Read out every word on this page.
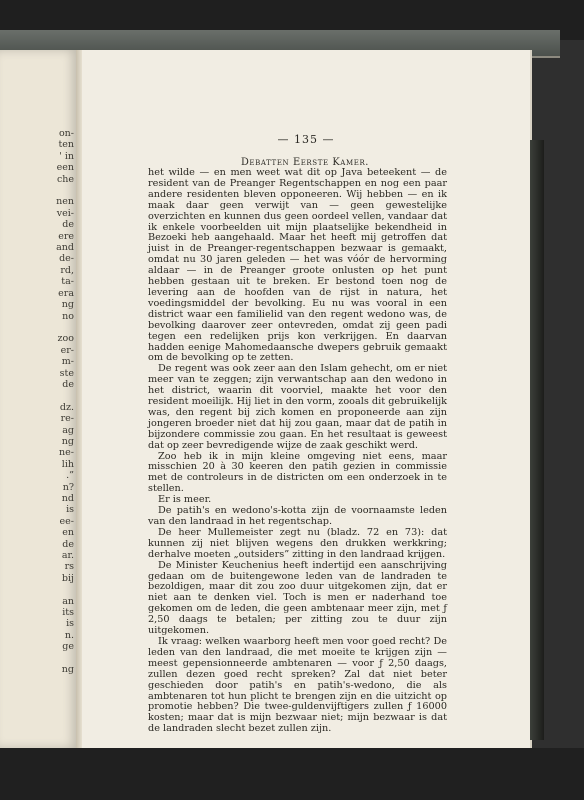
on-
ten
' in
een
che

nen
vei-
de
ere
and
de-
rd,
ta-
era
ng
no

zoo
er-
m-
ste
de

dz.
re-
ag
ng
ne-
lih
.”
n?
nd
is
ee-
en
de
ar.
rs
bij

an
its
is
n.
ge

ng
— 135 —
Debatten Eerste Kamer.

het wilde — en men weet wat dit op Java beteekent — de resident van de Preanger Regentschappen en nog een paar andere residenten bleven opponeeren. Wij hebben — en ik maak daar geen verwijt van — geen gewestelijke overzichten en kunnen dus geen oordeel vellen, vandaar dat ik enkele voorbeelden uit mijn plaatselijke bekendheid in Bezoeki heb aangehaald. Maar het heeft mij getroffen dat juist in de Preanger-regentschappen bezwaar is gemaakt, omdat nu 30 jaren geleden — het was vóór de hervorming aldaar — in de Preanger groote onlusten op het punt hebben gestaan uit te breken. Er bestond toen nog de levering aan de hoofden van de rijst in natura, het voedingsmiddel der bevolking. Eu nu was vooral in een district waar een familielid van den regent wedono was, de bevolking daarover zeer ontevreden, omdat zij geen padi tegen een redelijken prijs kon verkrijgen. En daarvan hadden eenige Mahomedaansche dwepers gebruik gemaakt om de bevolking op te zetten.

De regent was ook zeer aan den Islam gehecht, om er niet meer van te zeggen; zijn verwantschap aan den wedono in het district, waarin dit voorviel, maakte het voor den resident moeilijk. Hij liet in den vorm, zooals dit gebruikelijk was, den regent bij zich komen en proponeerde aan zijn jongeren broeder niet dat hij zou gaan, maar dat de patih in bijzondere commissie zou gaan. En het resultaat is geweest dat op zeer bevredigende wijze de zaak geschikt werd.

Zoo heb ik in mijn kleine omgeving niet eens, maar misschien 20 à 30 keeren den patih gezien in commissie met de controleurs in de districten om een onderzoek in te stellen.

Er is meer.

De patih's en wedono's-kotta zijn de voornaamste leden van den landraad in het regentschap.

De heer Mullemeister zegt nu (bladz. 72 en 73): dat kunnen zij niet blijven wegens den drukken werkkring; derhalve moeten „outsiders” zitting in den landraad krijgen.

De Minister Keuchenius heeft indertijd een aanschrijving gedaan om de buitengewone leden van de landraden te bezoldigen, maar dit zou zoo duur uitgekomen zijn, dat er niet aan te denken viel. Toch is men er naderhand toe gekomen om de leden, die geen ambtenaar meer zijn, met ƒ 2,50 daags te betalen; per zitting zou te duur zijn uitgekomen.

Ik vraag: welken waarborg heeft men voor goed recht? De leden van den landraad, die met moeite te krijgen zijn — meest gepensionneerde ambtenaren — voor ƒ 2,50 daags, zullen dezen goed recht spreken? Zal dat niet beter geschieden door patih's en patih's-wedono, die als ambtenaren tot hun plicht te brengen zijn en die uitzicht op promotie hebben? Die twee-guldenvijftigers zullen ƒ 16000 kosten; maar dat is mijn bezwaar niet; mijn bezwaar is dat de landraden slecht bezet zullen zijn.
